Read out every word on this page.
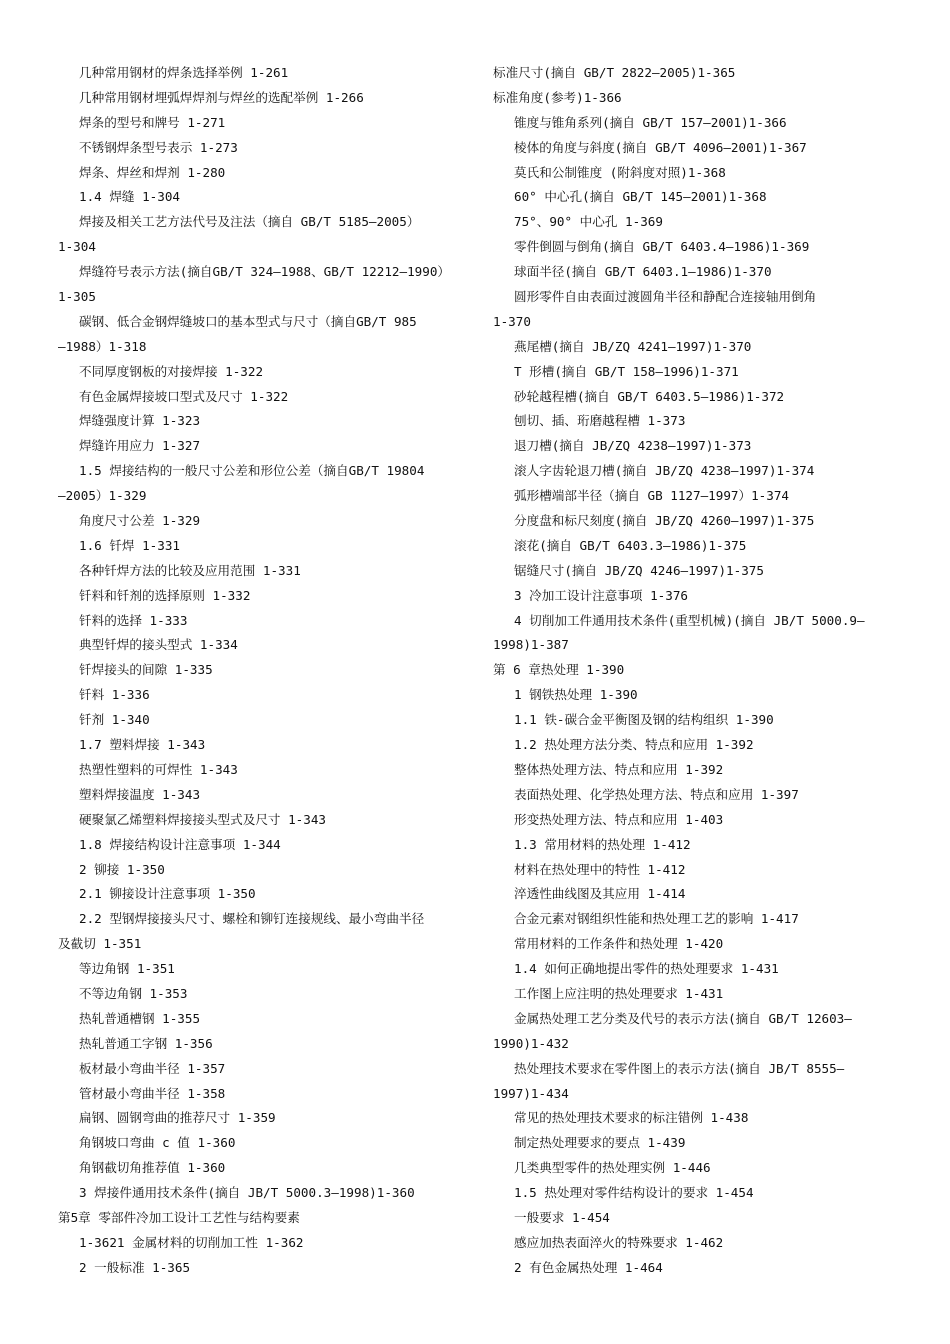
几种常用钢材的焊条选择举例 1-261
几种常用钢材埋弧焊焊剂与焊丝的选配举例 1-266
焊条的型号和牌号 1-271
不锈钢焊条型号表示 1-273
焊条、焊丝和焊剂 1-280
1.4 焊缝 1-304
焊接及相关工艺方法代号及注法（摘自 GB/T 5185—2005）
1-304
焊缝符号表示方法(摘自GB/T 324—1988、GB/T 12212—1990）
1-305
碳钢、低合金钢焊缝坡口的基本型式与尺寸（摘自GB/T 985
—1988）1-318
不同厚度钢板的对接焊接 1-322
有色金属焊接坡口型式及尺寸 1-322
焊缝强度计算 1-323
焊缝许用应力 1-327
1.5 焊接结构的一般尺寸公差和形位公差（摘自GB/T 19804
—2005）1-329
角度尺寸公差 1-329
1.6 钎焊 1-331
各种钎焊方法的比较及应用范围 1-331
钎料和钎剂的选择原则 1-332
钎料的选择 1-333
典型钎焊的接头型式 1-334
钎焊接头的间隙 1-335
钎料 1-336
钎剂 1-340
1.7 塑料焊接 1-343
热塑性塑料的可焊性 1-343
塑料焊接温度 1-343
硬聚氯乙烯塑料焊接接头型式及尺寸 1-343
1.8 焊接结构设计注意事项 1-344
2 铆接 1-350
2.1 铆接设计注意事项 1-350
2.2 型钢焊接接头尺寸、螺栓和铆钉连接规线、最小弯曲半径
及截切 1-351
等边角钢 1-351
不等边角钢 1-353
热轧普通槽钢 1-355
热轧普通工字钢 1-356
板材最小弯曲半径 1-357
管材最小弯曲半径 1-358
扁钢、圆钢弯曲的推荐尺寸 1-359
角钢坡口弯曲 c 值 1-360
角钢截切角推荐值 1-360
3 焊接件通用技术条件(摘自 JB/T 5000.3—1998)1-360
第5章 零部件冷加工设计工艺性与结构要素
1-3621 金属材料的切削加工性 1-362
2 一般标准 1-365
标准尺寸(摘自 GB/T 2822—2005)1-365
标准角度(参考)1-366
锥度与锥角系列(摘自 GB/T 157—2001)1-366
棱体的角度与斜度(摘自 GB/T 4096—2001)1-367
莫氏和公制锥度 (附斜度对照)1-368
60° 中心孔(摘自 GB/T 145—2001)1-368
75°、90° 中心孔 1-369
零件倒圆与倒角(摘自 GB/T 6403.4—1986)1-369
球面半径(摘自 GB/T 6403.1—1986)1-370
圆形零件自由表面过渡圆角半径和静配合连接轴用倒角
1-370
燕尾槽(摘自 JB/ZQ 4241—1997)1-370
T 形槽(摘自 GB/T 158—1996)1-371
砂轮越程槽(摘自 GB/T 6403.5—1986)1-372
刨切、插、珩磨越程槽 1-373
退刀槽(摘自 JB/ZQ 4238—1997)1-373
滚人字齿轮退刀槽(摘自 JB/ZQ 4238—1997)1-374
弧形槽端部半径（摘自 GB 1127—1997）1-374
分度盘和标尺刻度(摘自 JB/ZQ 4260—1997)1-375
滚花(摘自 GB/T 6403.3—1986)1-375
锯缝尺寸(摘自 JB/ZQ 4246—1997)1-375
3 冷加工设计注意事项 1-376
4 切削加工件通用技术条件(重型机械)(摘自 JB/T 5000.9—
1998)1-387
第 6 章热处理 1-390
1 钢铁热处理 1-390
1.1 铁-碳合金平衡图及钢的结构组织 1-390
1.2 热处理方法分类、特点和应用 1-392
整体热处理方法、特点和应用 1-392
表面热处理、化学热处理方法、特点和应用 1-397
形变热处理方法、特点和应用 1-403
1.3 常用材料的热处理 1-412
材料在热处理中的特性 1-412
淬透性曲线图及其应用 1-414
合金元素对钢组织性能和热处理工艺的影响 1-417
常用材料的工作条件和热处理 1-420
1.4 如何正确地提出零件的热处理要求 1-431
工作图上应注明的热处理要求 1-431
金属热处理工艺分类及代号的表示方法(摘自 GB/T 12603—
1990)1-432
热处理技术要求在零件图上的表示方法(摘自 JB/T 8555—
1997)1-434
常见的热处理技术要求的标注错例 1-438
制定热处理要求的要点 1-439
几类典型零件的热处理实例 1-446
1.5 热处理对零件结构设计的要求 1-454
一般要求 1-454
感应加热表面淬火的特殊要求 1-462
2 有色金属热处理 1-464
